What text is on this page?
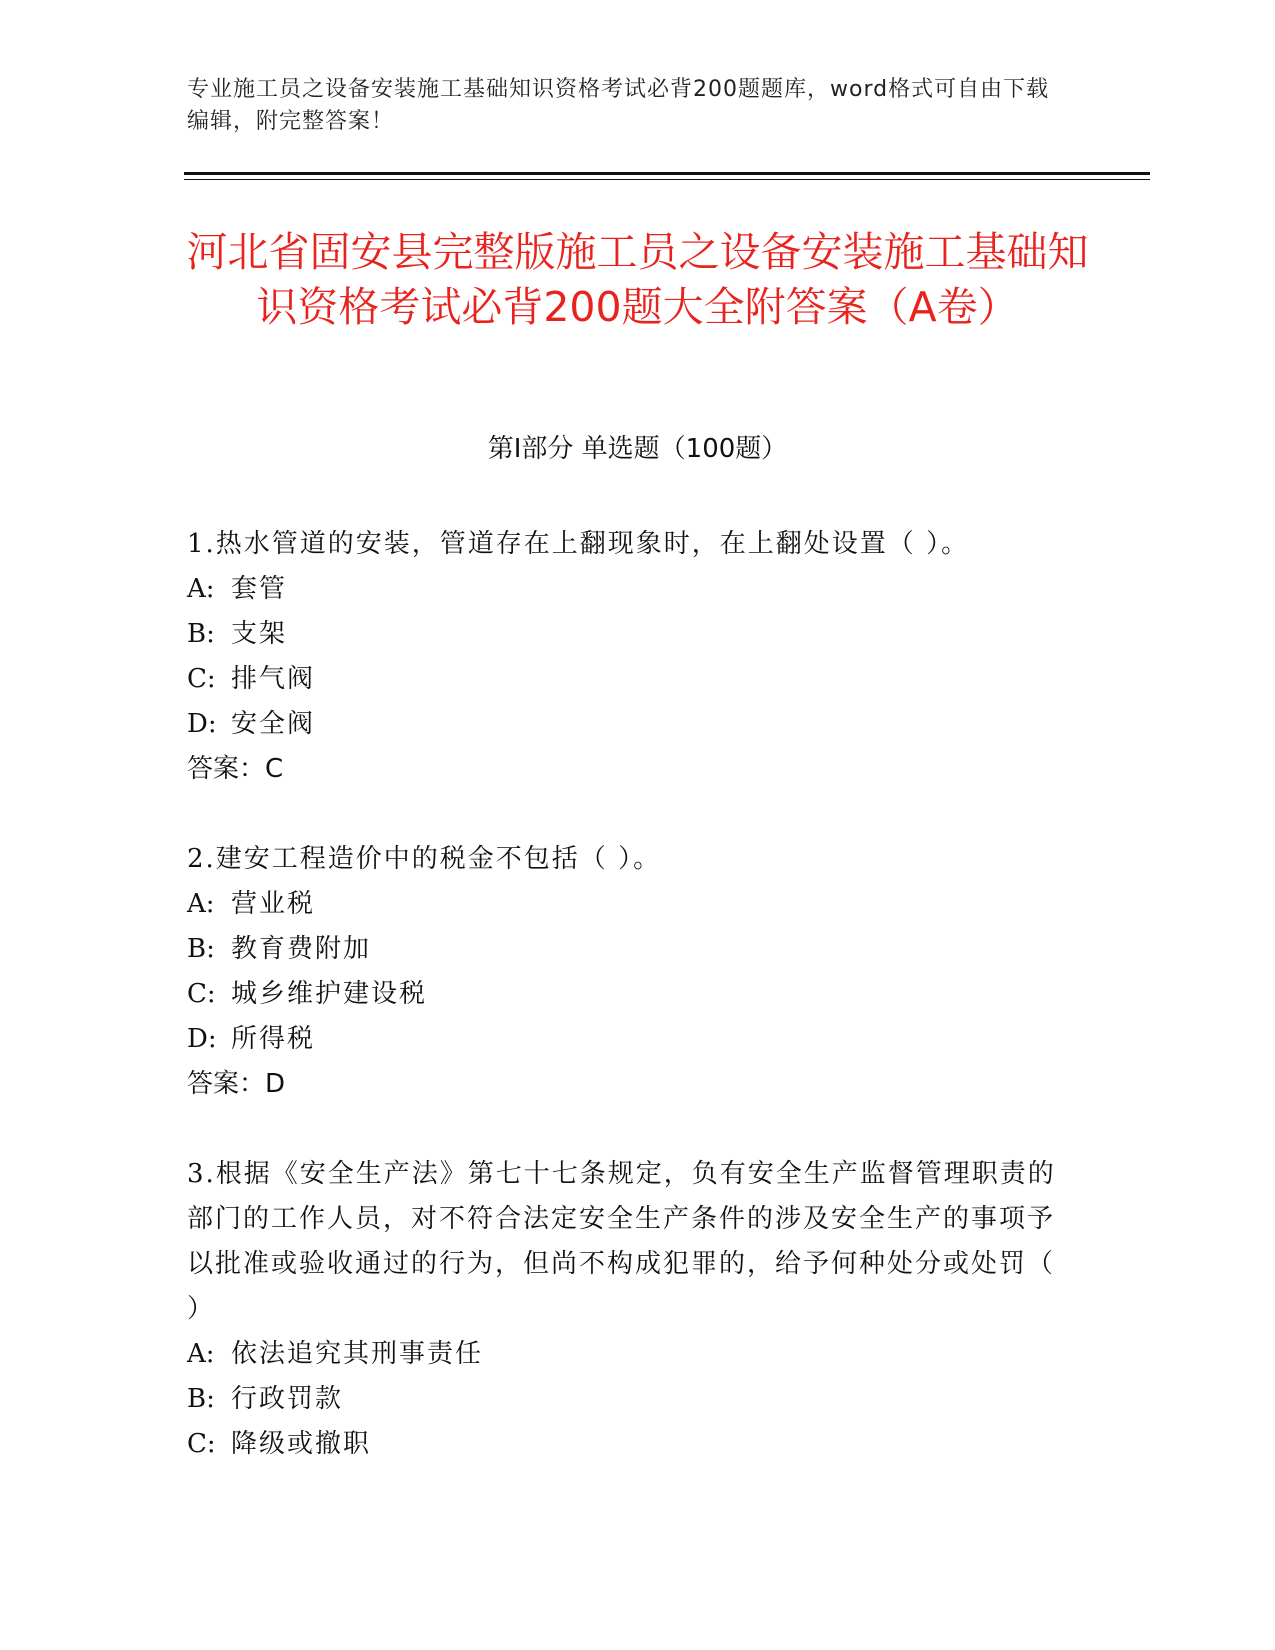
专业施工员之设备安装施工基础知识资格考试必背200题题库，word格式可自由下载编辑，附完整答案！
河北省固安县完整版施工员之设备安装施工基础知识资格考试必背200题大全附答案（A卷）
第Ⅰ部分 单选题（100题）
1.热水管道的安装，管道存在上翻现象时，在上翻处设置（ ）。
A: 套管
B: 支架
C: 排气阀
D: 安全阀
答案：C
2.建安工程造价中的税金不包括（ ）。
A: 营业税
B: 教育费附加
C: 城乡维护建设税
D: 所得税
答案：D
3.根据《安全生产法》第七十七条规定，负有安全生产监督管理职责的部门的工作人员，对不符合法定安全生产条件的涉及安全生产的事项予以批准或验收通过的行为，但尚不构成犯罪的，给予何种处分或处罚（ ）
A: 依法追究其刑事责任
B: 行政罚款
C: 降级或撤职
